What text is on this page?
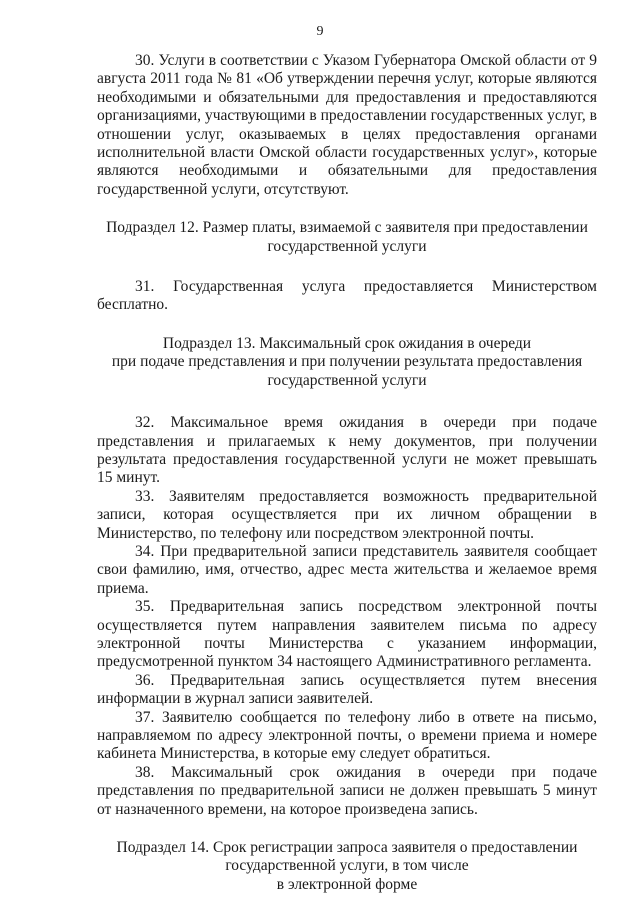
9

30. Услуги в соответствии с Указом Губернатора Омской области от 9 августа 2011 года № 81 «Об утверждении перечня услуг, которые являются необходимыми и обязательными для предоставления и предоставляются организациями, участвующими в предоставлении государственных услуг, в отношении услуг, оказываемых в целях предоставления органами исполнительной власти Омской области государственных услуг», которые являются необходимыми и обязательными для предоставления государственной услуги, отсутствуют.

Подраздел 12. Размер платы, взимаемой с заявителя при предоставлении
государственной услуги

31. Государственная услуга предоставляется Министерством бесплатно.

Подраздел 13. Максимальный срок ожидания в очереди
при подаче представления и при получении результата предоставления
государственной услуги

32. Максимальное время ожидания в очереди при подаче представления и прилагаемых к нему документов, при получении результата предоставления государственной услуги не может превышать 15 минут.

33. Заявителям предоставляется возможность предварительной записи, которая осуществляется при их личном обращении в Министерство, по телефону или посредством электронной почты.

34. При предварительной записи представитель заявителя сообщает свои фамилию, имя, отчество, адрес места жительства и желаемое время приема.

35. Предварительная запись посредством электронной почты осуществляется путем направления заявителем письма по адресу электронной почты Министерства с указанием информации, предусмотренной пунктом 34 настоящего Административного регламента.

36. Предварительная запись осуществляется путем внесения информации в журнал записи заявителей.

37. Заявителю сообщается по телефону либо в ответе на письмо, направляемом по адресу электронной почты, о времени приема и номере кабинета Министерства, в которые ему следует обратиться.

38. Максимальный срок ожидания в очереди при подаче представления по предварительной записи не должен превышать 5 минут от назначенного времени, на которое произведена запись.

Подраздел 14. Срок регистрации запроса заявителя о предоставлении
государственной услуги, в том числе
в электронной форме
